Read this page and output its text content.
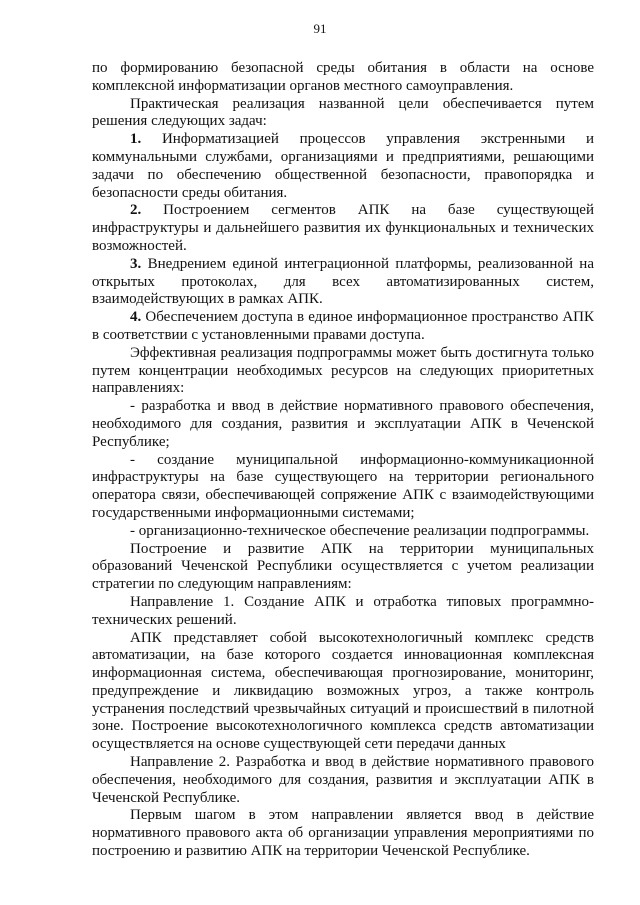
91

по формированию безопасной среды обитания в области на основе комплексной информатизации органов местного самоуправления.

Практическая реализация названной цели обеспечивается путем решения следующих задач:

1. Информатизацией процессов управления экстренными и коммунальными службами, организациями и предприятиями, решающими задачи по обеспечению общественной безопасности, правопорядка и безопасности среды обитания.

2. Построением сегментов АПК на базе существующей инфраструктуры и дальнейшего развития их функциональных и технических возможностей.

3. Внедрением единой интеграционной платформы, реализованной на открытых протоколах, для всех автоматизированных систем, взаимодействующих в рамках АПК.

4. Обеспечением доступа в единое информационное пространство АПК в соответствии с установленными правами доступа.

Эффективная реализация подпрограммы может быть достигнута только путем концентрации необходимых ресурсов на следующих приоритетных направлениях:

- разработка и ввод в действие нормативного правового обеспечения, необходимого для создания, развития и эксплуатации АПК в Чеченской Республике;

- создание муниципальной информационно-коммуникационной инфраструктуры на базе существующего на территории регионального оператора связи, обеспечивающей сопряжение АПК с взаимодействующими государственными информационными системами;

- организационно-техническое обеспечение реализации подпрограммы.

Построение и развитие АПК на территории муниципальных образований Чеченской Республики осуществляется с учетом реализации стратегии по следующим направлениям:

Направление 1. Создание АПК и отработка типовых программно-технических решений.

АПК представляет собой высокотехнологичный комплекс средств автоматизации, на базе которого создается инновационная комплексная информационная система, обеспечивающая прогнозирование, мониторинг, предупреждение и ликвидацию возможных угроз, а также контроль устранения последствий чрезвычайных ситуаций и происшествий в пилотной зоне. Построение высокотехнологичного комплекса средств автоматизации осуществляется на основе существующей сети передачи данных

Направление 2. Разработка и ввод в действие нормативного правового обеспечения, необходимого для создания, развития и эксплуатации АПК в Чеченской Республике.

Первым шагом в этом направлении является ввод в действие нормативного правового акта об организации управления мероприятиями по построению и развитию АПК на территории Чеченской Республике.
